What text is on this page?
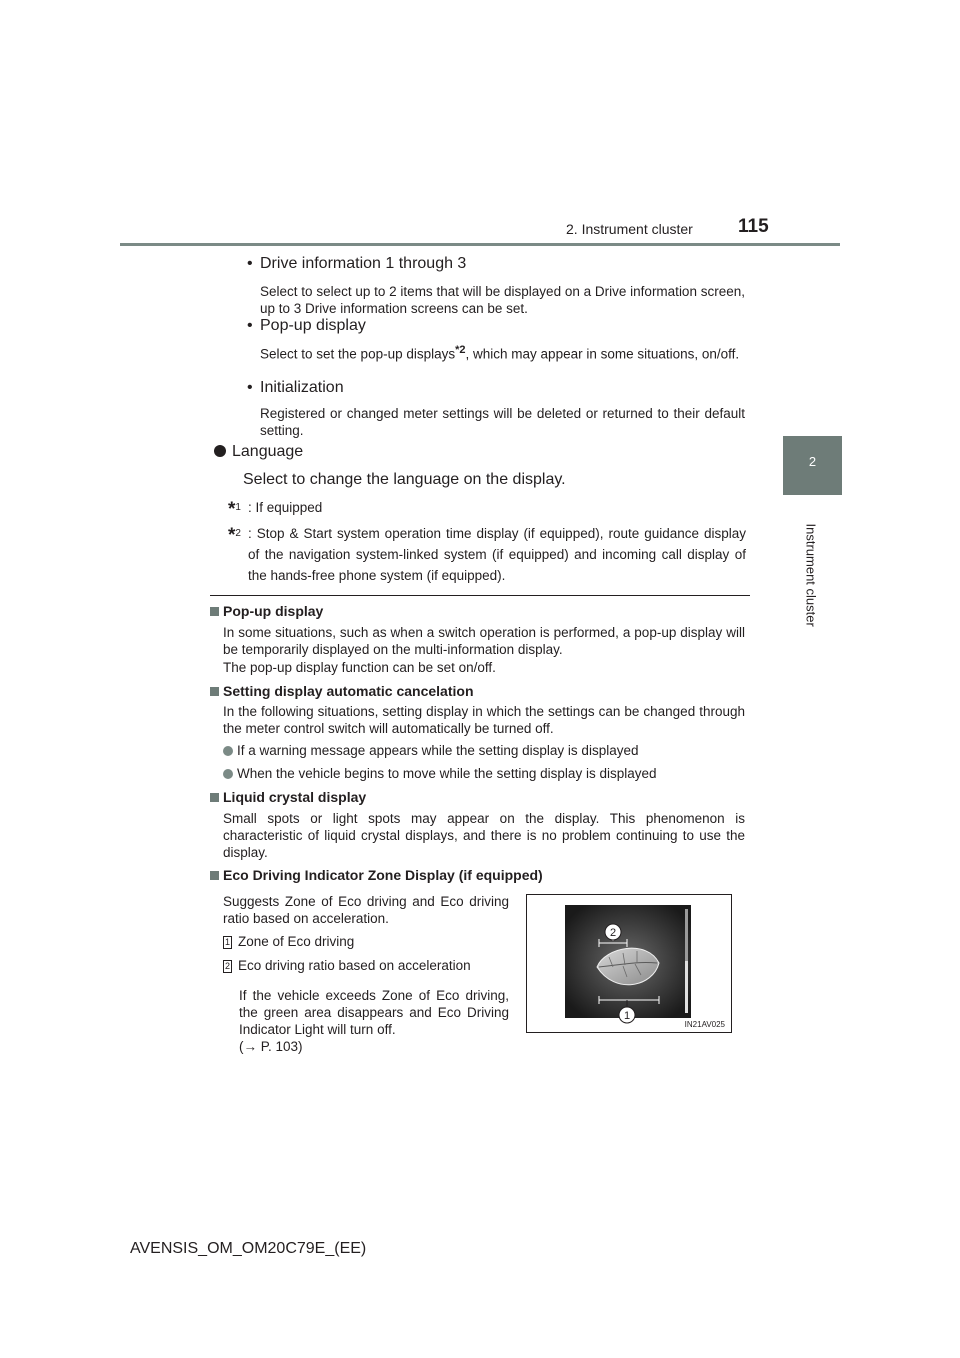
2. Instrument cluster 115
2
Instrument cluster
• Drive information 1 through 3
Select to select up to 2 items that will be displayed on a Drive information screen, up to 3 Drive information screens can be set.
• Pop-up display
Select to set the pop-up displays$^{*2}$, which may appear in some situations, on/off.
• Initialization
Registered or changed meter settings will be deleted or returned to their default setting.
Language
Select to change the language on the display.
*$^1$ : If equipped
*$^2$ : Stop & Start system operation time display (if equipped), route guidance display of the navigation system-linked system (if equipped) and incoming call display of the hands-free phone system (if equipped).
Pop-up display
In some situations, such as when a switch operation is performed, a pop-up display will be temporarily displayed on the multi-information display.
The pop-up display function can be set on/off.
Setting display automatic cancelation
In the following situations, setting display in which the settings can be changed through the meter control switch will automatically be turned off.
If a warning message appears while the setting display is displayed
When the vehicle begins to move while the setting display is displayed
Liquid crystal display
Small spots or light spots may appear on the display. This phenomenon is characteristic of liquid crystal displays, and there is no problem continuing to use the display.
Eco Driving Indicator Zone Display (if equipped)
Suggests Zone of Eco driving and Eco driving ratio based on acceleration.
1 Zone of Eco driving
2 Eco driving ratio based on acceleration
If the vehicle exceeds Zone of Eco driving, the green area disappears and Eco Driving Indicator Light will turn off.
(→ P. 103)
2
1
IN21AV025
AVENSIS_OM_OM20C79E_(EE)
